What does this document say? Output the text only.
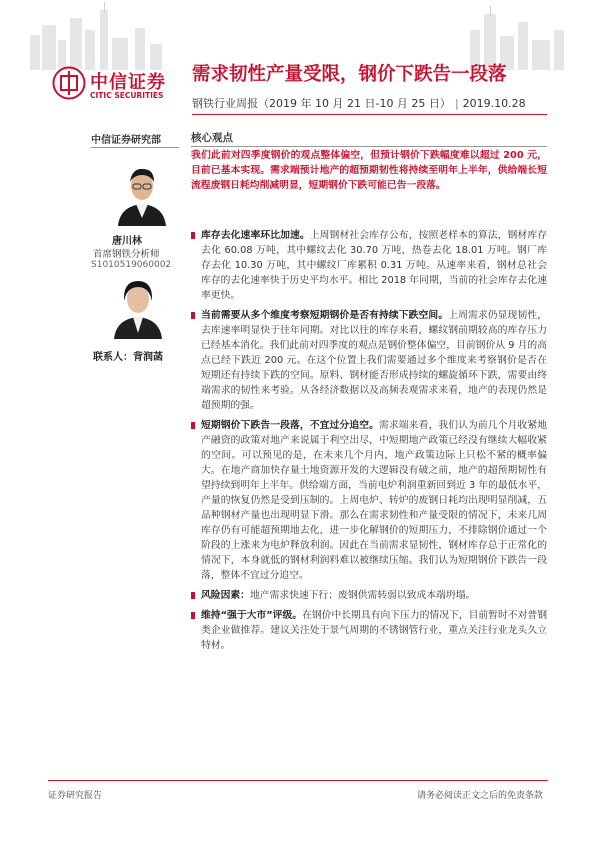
中信证券
CITIC SECURITIES
需求韧性产量受限，钢价下跌告一段落
钢铁行业周报（2019 年 10 月 21 日-10 月 25 日） | 2019.10.28
中信证券研究部
唐川林
首席钢铁分析师
S1010519060002
联系人：背润菡
核心观点
我们此前对四季度钢价的观点整体偏空，但预计钢价下跌幅度难以超过 200 元，目前已基本实现。需求端预计地产的超预期韧性将持续至明年上半年，供给端长短流程废钢日耗均削减明显，短期钢价下跌可能已告一段落。
库存去化速率环比加速。上周钢材社会库存公布，按照老样本的算法，钢材库存去化 60.08 万吨，其中螺纹去化 30.70 万吨，热卷去化 18.01 万吨。钢厂库存去化 10.30 万吨，其中螺纹厂库累积 0.31 万吨。从速率来看，钢材总社会库存的去化速率快于历史平均水平。相比 2018 年同期，当前的社会库存去化速率更快。
当前需要从多个维度考察短期钢价是否有持续下跌空间。上周需求仍显现韧性，去库速率明显快于往年同期。对比以往的库存来看，螺纹钢前期较高的库存压力已经基本消化。我们此前对四季度的观点是钢价整体偏空，目前钢价从 9 月的高点已经下跌近 200 元。在这个位置上我们需要通过多个维度来考察钢价是否在短期还有持续下跌的空间。原料、钢材能否形成持续的螺旋循环下跌，需要由终端需求的韧性来考验。从各经济数据以及高频表观需求来看，地产的表现仍然是超预期的强。
短期钢价下跌告一段落，不宜过分追空。需求端来看，我们认为前几个月收紧地产融资的政策对地产来说属于利空出尽，中短期地产政策已经没有继续大幅收紧的空间。可以预见的是，在未来几个月内，地产政策边际上只松不紧的概率偏大。在地产商加快存量土地资源开发的大逻辑没有破之前，地产的超预期韧性有望持续到明年上半年。供给端方面，当前电炉利润重新回到近 3 年的最低水平，产量的恢复仍然是受到压制的。上周电炉、转炉的废钢日耗均出现明显削减，五品种钢材产量也出现明显下滑。那么在需求韧性和产量受限的情况下，未来几周库存仍有可能超预期地去化，进一步化解钢价的短期压力，不排除钢价通过一个阶段的上涨来为电炉释放利润。因此在当前需求显韧性，钢材库存总于正常化的情况下，本身就低的钢材利润料难以被继续压缩。我们认为短期钢价下跌告一段落，整体不宜过分追空。
风险因素：地产需求快速下行；废钢供需转弱以致成本端坍塌。
维持“强于大市”评级。在钢价中长期具有向下压力的情况下，目前暂时不对普钢类企业做推荐。建议关注处于景气周期的不锈钢管行业，重点关注行业龙头久立特材。
证券研究报告	请务必阅读正文之后的免责条款
